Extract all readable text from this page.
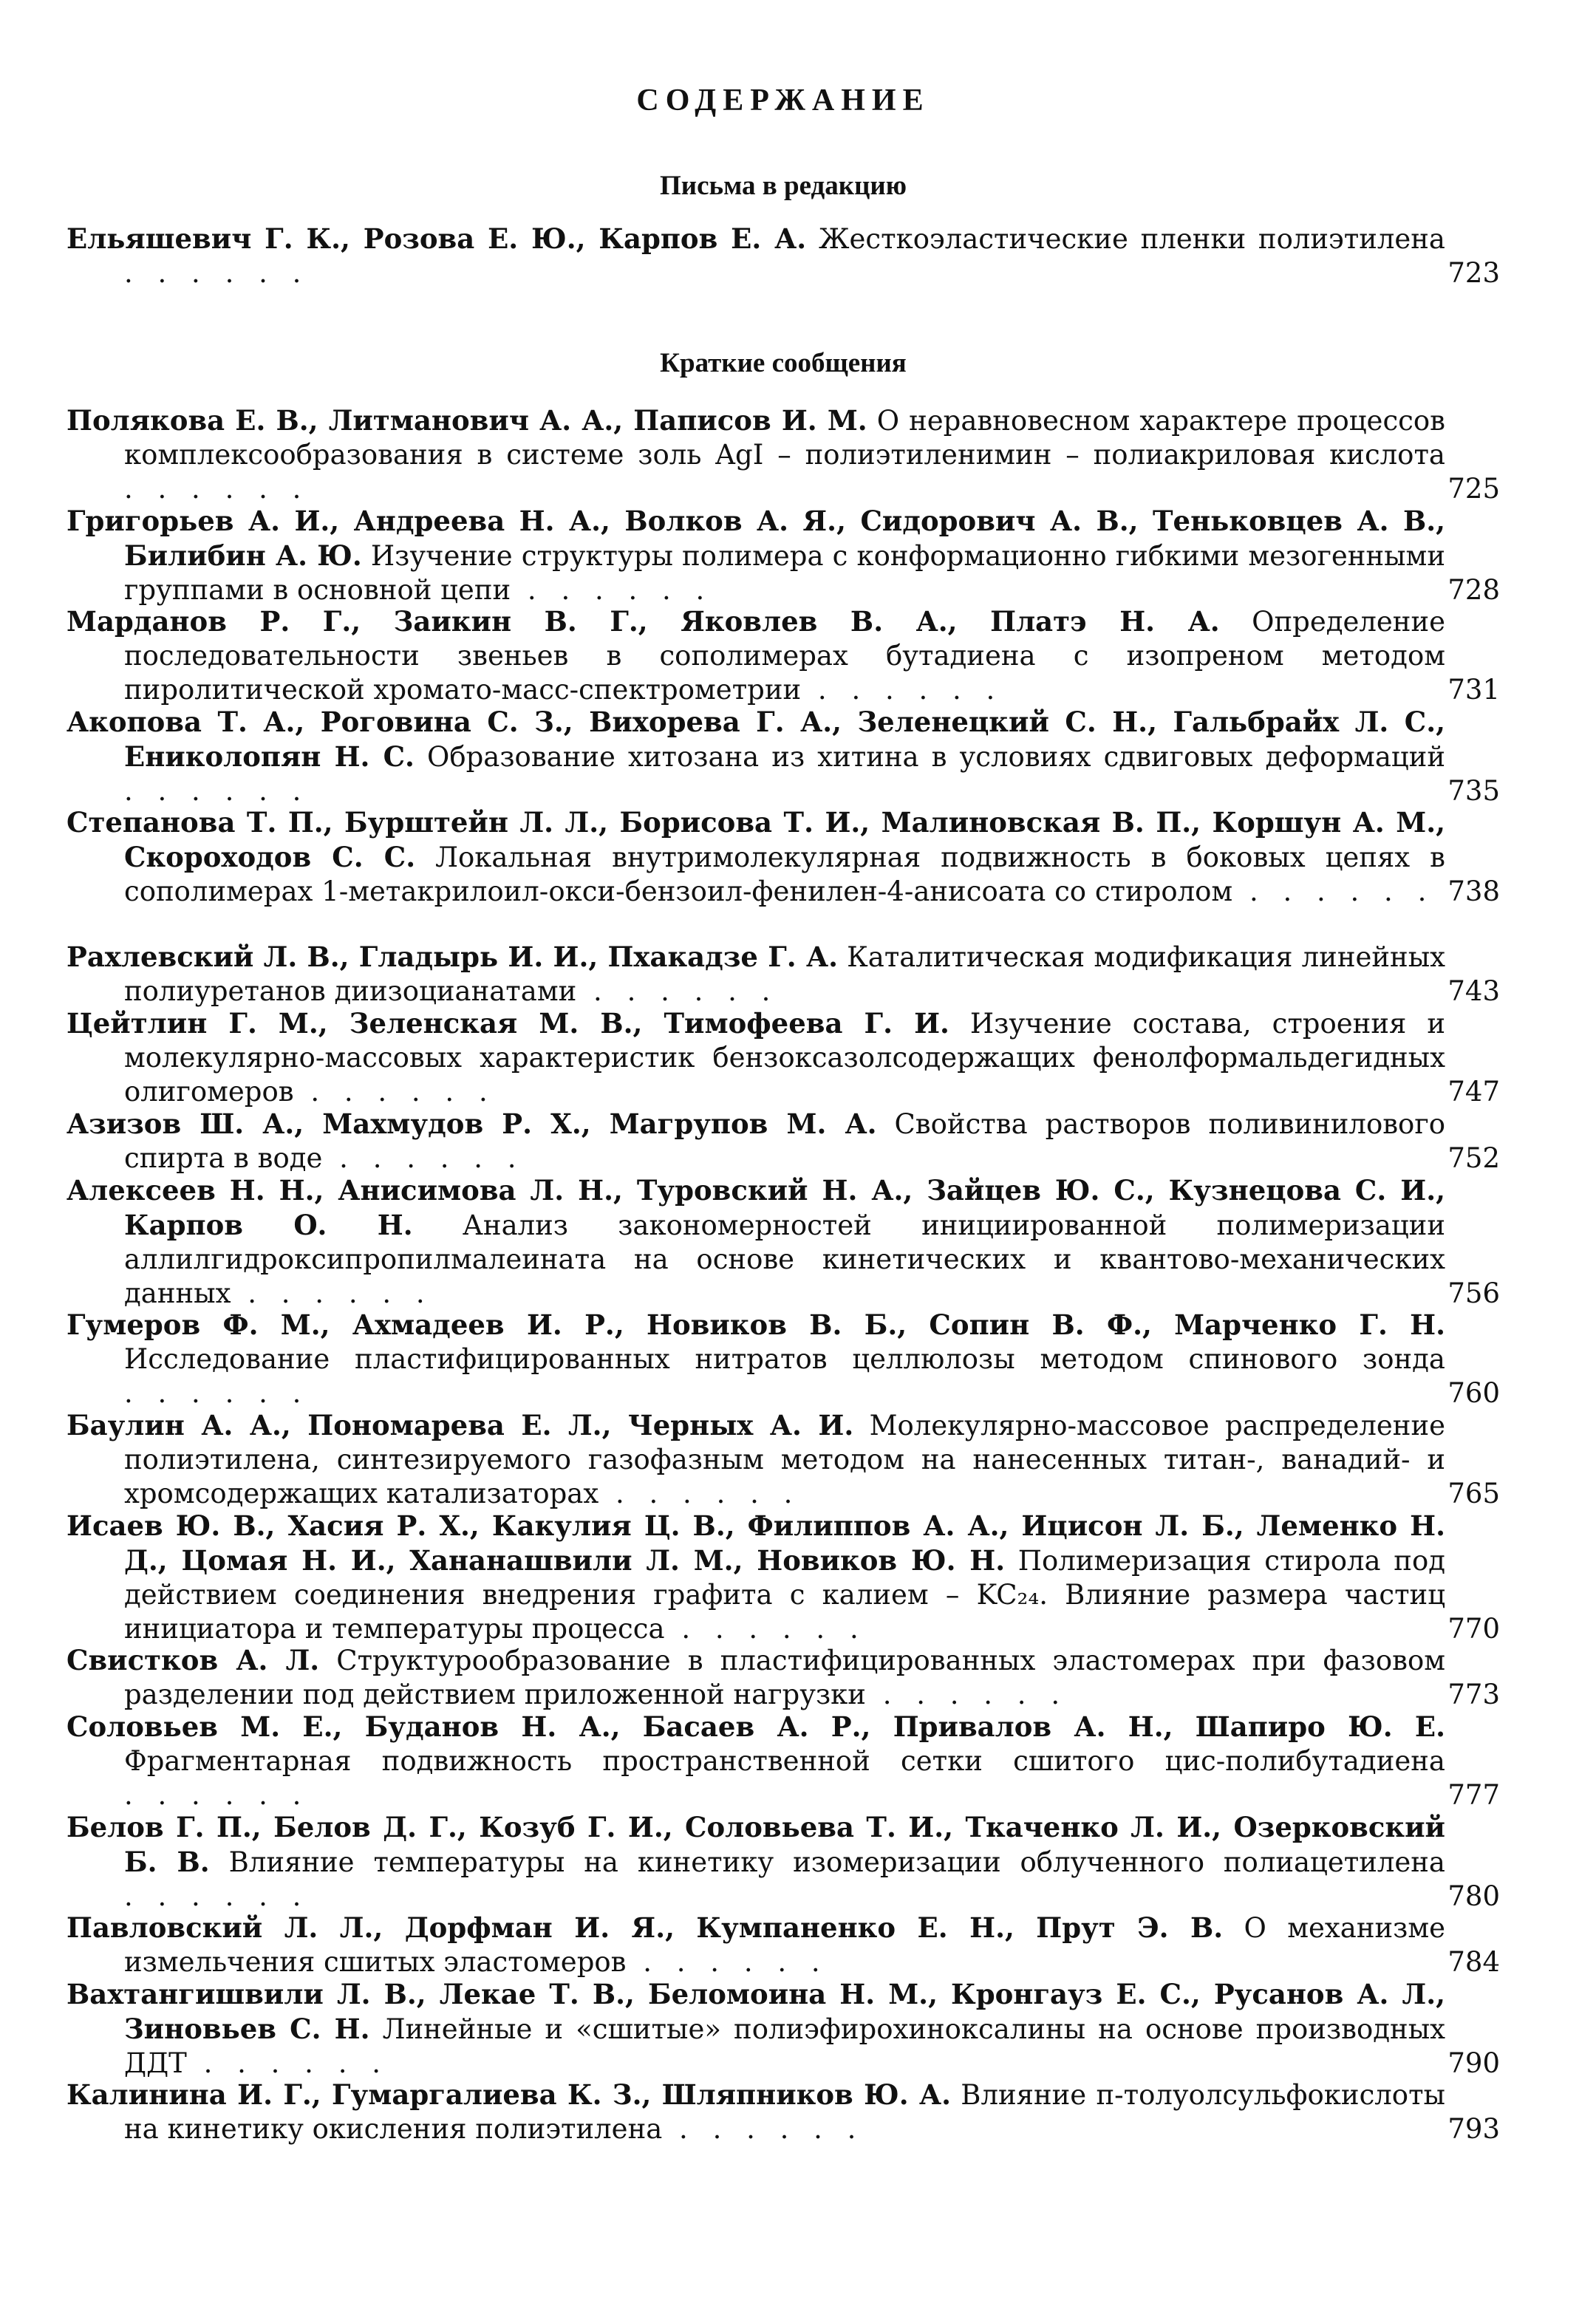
СОДЕРЖАНИЕ
Письма в редакцию
Ельяшевич Г. К., Розова Е. Ю., Карпов Е. А. Жесткоэластические пленки полиэтилена . . . . . .	723
Краткие сообщения
Полякова Е. В., Литманович А. А., Паписов И. М. О неравновесном характере процессов комплексообразования в системе золь AgI – полиэтиленимин – полиакриловая кислота . . . . . .	725
Григорьев А. И., Андреева Н. А., Волков А. Я., Сидорович А. В., Теньковцев А. В., Билибин А. Ю. Изучение структуры полимера с конформационно гибкими мезогенными группами в основной цепи . . . . . .	728
Марданов Р. Г., Заикин В. Г., Яковлев В. А., Платэ Н. А. Определение последовательности звеньев в сополимерах бутадиена с изопреном методом пиролитической хромато-масс-спектрометрии . . . . . .	731
Акопова Т. А., Роговина С. З., Вихорева Г. А., Зеленецкий С. Н., Гальбрайх Л. С., Ениколопян Н. С. Образование хитозана из хитина в условиях сдвиговых деформаций . . . . . .	735
Степанова Т. П., Бурштейн Л. Л., Борисова Т. И., Малиновская В. П., Коршун А. М., Скороходов С. С. Локальная внутримолекулярная подвижность в боковых цепях в сополимерах 1-метакрилоил-окси-бензоил-фенилен-4-анисоата со стиролом . . . . . . 738
Рахлевский Л. В., Гладырь И. И., Пхакадзе Г. А. Каталитическая модификация линейных полиуретанов диизоцианатами . . . . . .	743
Цейтлин Г. М., Зеленская М. В., Тимофеева Г. И. Изучение состава, строения и молекулярно-массовых характеристик бензоксазолсодержащих фенолформальдегидных олигомеров . . . . . .	747
Азизов Ш. А., Махмудов Р. Х., Магрупов М. А. Свойства растворов поливинилового спирта в воде . . . . . .	752
Алексеев Н. Н., Анисимова Л. Н., Туровский Н. А., Зайцев Ю. С., Кузнецова С. И., Карпов О. Н. Анализ закономерностей инициированной полимеризации аллилгидроксипропилмалеината на основе кинетических и квантово-механических данных . . . . . .	756
Гумеров Ф. М., Ахмадеев И. Р., Новиков В. Б., Сопин В. Ф., Марченко Г. Н. Исследование пластифицированных нитратов целлюлозы методом спинового зонда . . . . . .	760
Баулин А. А., Пономарева Е. Л., Черных А. И. Молекулярно-массовое распределение полиэтилена, синтезируемого газофазным методом на нанесенных титан-, ванадий- и хромсодержащих катализаторах . . . . . .	765
Исаев Ю. В., Хасия Р. Х., Какулия Ц. В., Филиппов А. А., Ицисон Л. Б., Леменко Н. Д., Цомая Н. И., Хананашвили Л. М., Новиков Ю. Н. Полимеризация стирола под действием соединения внедрения графита с калием – KC₂₄. Влияние размера частиц инициатора и температуры процесса . . . . . .	770
Свистков А. Л. Структурообразование в пластифицированных эластомерах при фазовом разделении под действием приложенной нагрузки . . . . . .	773
Соловьев М. Е., Буданов Н. А., Басаев А. Р., Привалов А. Н., Шапиро Ю. Е. Фрагментарная подвижность пространственной сетки сшитого цис-полибутадиена . . . . . .	777
Белов Г. П., Белов Д. Г., Козуб Г. И., Соловьева Т. И., Ткаченко Л. И., Озерковский Б. В. Влияние температуры на кинетику изомеризации облученного полиацетилена . . . . . .	780
Павловский Л. Л., Дорфман И. Я., Кумпаненко Е. Н., Прут Э. В. О механизме измельчения сшитых эластомеров . . . . . .	784
Вахтангишвили Л. В., Лекае Т. В., Беломоина Н. М., Кронгауз Е. С., Русанов А. Л., Зиновьев С. Н. Линейные и «сшитые» полиэфирохиноксалины на основе производных ДДТ . . . . . .	790
Калинина И. Г., Гумаргалиева К. З., Шляпников Ю. А. Влияние п-толуолсульфокислоты на кинетику окисления полиэтилена . . . . . .	793
